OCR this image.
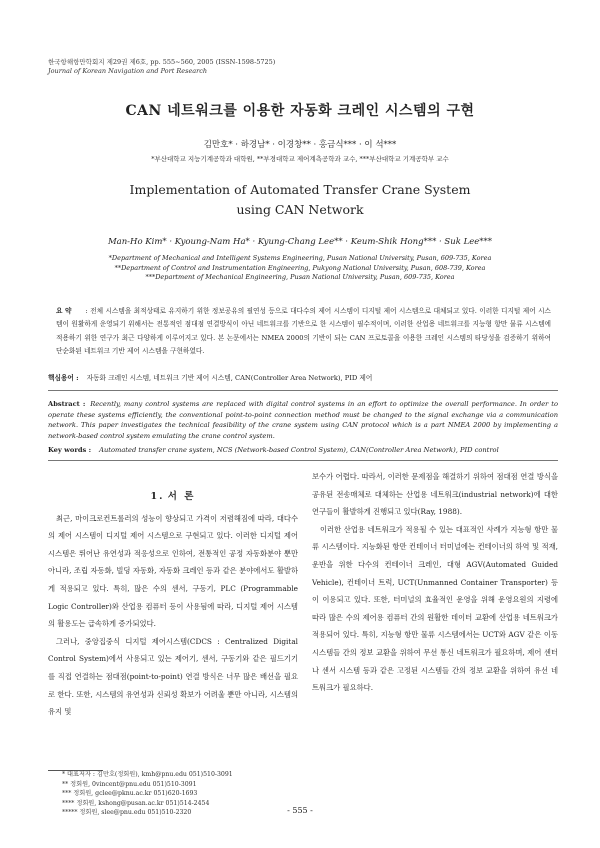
한국항해항만학회지 제29권 제6호, pp. 555~560, 2005 (ISSN-1598-5725)
Journal of Korean Navigation and Port Research
CAN 네트워크를 이용한 자동화 크레인 시스템의 구현
김만호* · 하경남* · 이경창** · 홍금식*** · 이 석***
*부산대학교 지능기계공학과 대학원, **부경대학교 제어계측공학과 교수, ***부산대학교 기계공학부 교수
Implementation of Automated Transfer Crane System
using CAN Network
Man-Ho Kim* · Kyoung-Nam Ha* · Kyung-Chang Lee** · Keum-Shik Hong*** · Suk Lee***
*Department of Mechanical and Intelligent Systems Engineering, Pusan National University, Pusan, 609-735, Korea
**Department of Control and Instrumentation Engineering, Pukyong National University, Pusan, 608-739, Korea
***Department of Mechanical Engineering, Pusan National University, Pusan, 609-735, Korea
요 약 : 전체 시스템을 최적상태로 유지하기 위한 정보공유의 필연성 등으로 대다수의 제어 시스템이 디지털 제어 시스템으로 대체되고 있다. 이러한 디지털 제어 시스템이 원활하게 운영되기 위해서는 전통적인 점대점 연결방식이 아닌 네트워크를 기반으로 한 시스템이 필수적이며, 이러한 산업용 네트워크를 지능형 항만 물류 시스템에 적용하기 위한 연구가 최근 다양하게 이루어지고 있다. 본 논문에서는 NMEA 2000의 기반이 되는 CAN 프로토콜을 이용한 크레인 시스템의 타당성을 검증하기 위하여 단순화된 네트워크 기반 제어 시스템을 구현하였다.
핵심용어 : 자동화 크레인 시스템, 네트워크 기반 제어 시스템, CAN(Controller Area Network), PID 제어
Abstract : Recently, many control systems are replaced with digital control systems in an effort to optimize the overall performance. In order to operate these systems efficiently, the conventional point-to-point connection method must be changed to the signal exchange via a communication network. This paper investigates the technical feasibility of the crane system using CAN protocol which is a part NMEA 2000 by implementing a network-based control system emulating the crane control system.
Key words : Automated transfer crane system, NCS (Network-based Control System), CAN(Controller Area Network), PID control
1. 서 론

최근, 마이크로컨트롤러의 성능이 향상되고 가격이 저렴해짐에 따라, 대다수의 제어 시스템이 디지털 제어 시스템으로 구현되고 있다. 이러한 디지털 제어 시스템은 뛰어난 유연성과 적응성으로 인하여, 전통적인 공정 자동화분야 뿐만 아니라, 조립 자동화, 빌딩 자동화, 자동화 크레인 등과 같은 분야에서도 활발하게 적용되고 있다. 특히, 많은 수의 센서, 구동기, PLC (Programmable Logic Controller)와 산업용 컴퓨터 등이 사용됨에 따라, 디지털 제어 시스템의 활용도는 급속하게 증가되었다.

그러나, 중앙집중식 디지털 제어시스템(CDCS : Centralized Digital Control System)에서 사용되고 있는 제어기, 센서, 구동기와 같은 필드기기를 직접 연결하는 점대점(point-to-point) 연결 방식은 너무 많은 배선을 필요로 한다. 또한, 시스템의 유연성과 신뢰성 확보가 어려울 뿐만 아니라, 시스템의 유지 및

보수가 어렵다. 따라서, 이러한 문제점을 해결하기 위하여 점대점 연결 방식을 공유된 전송매체로 대체하는 산업용 네트워크(industrial network)에 대한 연구들이 활발하게 진행되고 있다(Ray, 1988).

이러한 산업용 네트워크가 적용될 수 있는 대표적인 사례가 지능형 항만 물류 시스템이다. 지능화된 항만 컨테이너 터미널에는 컨테이너의 하역 및 적재, 운반을 위한 다수의 컨테이너 크레인, 대형 AGV(Automated Guided Vehicle), 컨테이너 트럭, UCT(Unmanned Container Transporter) 등이 이용되고 있다. 또한, 터미널의 효율적인 운영을 위해 운영요원의 지령에 따라 많은 수의 제어용 컴퓨터 간의 원활한 데이터 교환에 산업용 네트워크가 적용되어 있다. 특히, 지능형 항만 물류 시스템에서는 UCT와 AGV 같은 이동 시스템들 간의 정보 교환을 위하여 무선 통신 네트워크가 필요하며, 제어 센터나 센서 시스템 등과 같은 고정된 시스템들 간의 정보 교환을 위하여 유선 네트워크가 필요하다.

* 대표저자 : 김만호(정회원), kmh@pnu.edu 051)510-3091
** 정회원, 0vincent@pnu.edu 051)510-3091
*** 정회원, gclee@pknu.ac.kr 051)620-1693
**** 정회원, kshong@pusan.ac.kr 051)514-2454
***** 정회원, slee@pnu.edu 051)510-2320	- 555 -
